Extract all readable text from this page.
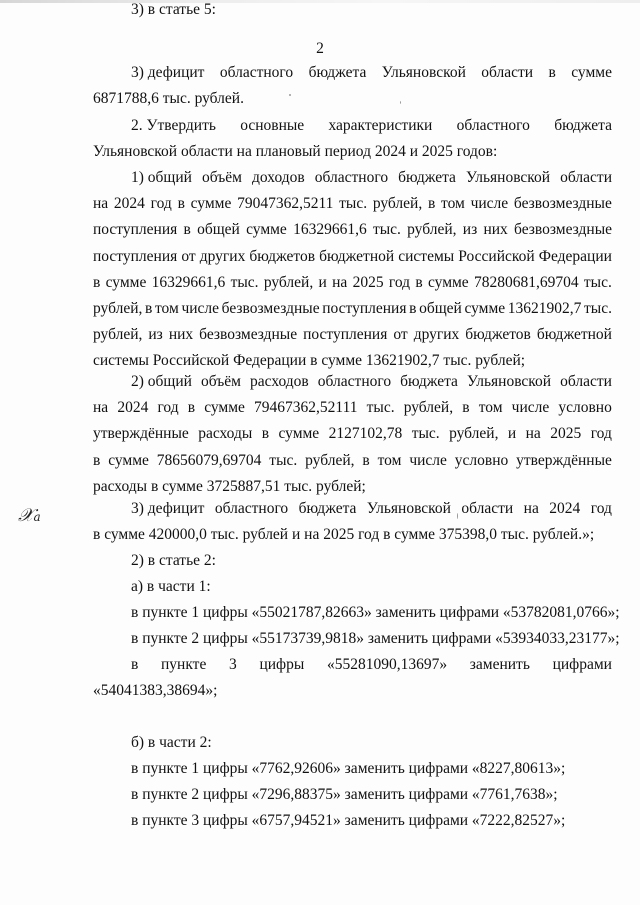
2
𝒳a
3) дефицит областного бюджета Ульяновской области в сумме
6871788,6 тыс. рублей.
2. Утвердить основные характеристики областного бюджета
Ульяновской области на плановый период 2024 и 2025 годов:
1) общий объём доходов областного бюджета Ульяновской области
на 2024 год в сумме 79047362,5211 тыс. рублей, в том числе безвозмездные
поступления в общей сумме 16329661,6 тыс. рублей, из них безвозмездные
поступления от других бюджетов бюджетной системы Российской Федерации
в сумме 16329661,6 тыс. рублей, и на 2025 год в сумме 78280681,69704 тыс.
рублей, в том числе безвозмездные поступления в общей сумме 13621902,7 тыс.
рублей, из них безвозмездные поступления от других бюджетов бюджетной
системы Российской Федерации в сумме 13621902,7 тыс. рублей;
2) общий объём расходов областного бюджета Ульяновской области
на 2024 год в сумме 79467362,52111 тыс. рублей, в том числе условно
утверждённые расходы в сумме 2127102,78 тыс. рублей, и на 2025 год
в сумме 78656079,69704 тыс. рублей, в том числе условно утверждённые
расходы в сумме 3725887,51 тыс. рублей;
3) дефицит областного бюджета Ульяновской области на 2024 год
в сумме 420000,0 тыс. рублей и на 2025 год в сумме 375398,0 тыс. рублей.»;
2) в статье 2:
а) в части 1:
в пункте 1 цифры «55021787,82663» заменить цифрами «53782081,0766»;
в пункте 2 цифры «55173739,9818» заменить цифрами «53934033,23177»;
в пункте 3 цифры «55281090,13697» заменить цифрами
«54041383,38694»;
б) в части 2:
в пункте 1 цифры «7762,92606» заменить цифрами «8227,80613»;
в пункте 2 цифры «7296,88375» заменить цифрами «7761,7638»;
в пункте 3 цифры «6757,94521» заменить цифрами «7222,82527»;
3) в статье 5:
